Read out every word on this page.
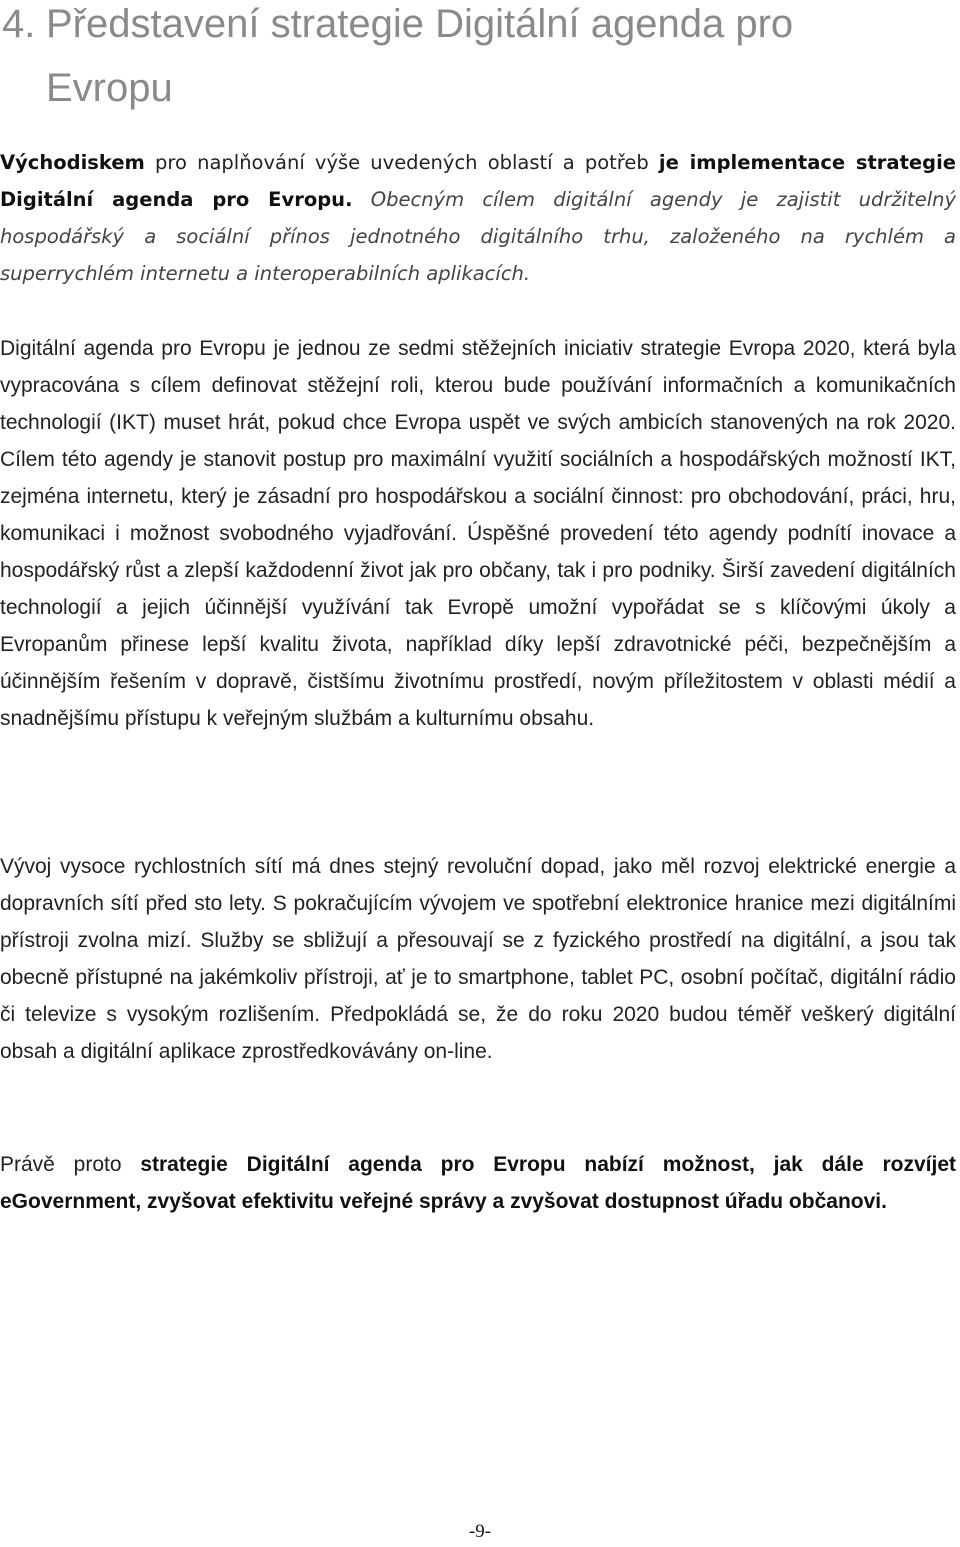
4. Představení strategie Digitální agenda pro
Evropu

Východiskem pro naplňování výše uvedených oblastí a potřeb je implementace strategie Digitální agenda pro Evropu. Obecným cílem digitální agendy je zajistit udržitelný hospodářský a sociální přínos jednotného digitálního trhu, založeného na rychlém a superrychlém internetu a interoperabilních aplikacích.

Digitální agenda pro Evropu je jednou ze sedmi stěžejních iniciativ strategie Evropa 2020, která byla vypracována s cílem definovat stěžejní roli, kterou bude používání informačních a komunikačních technologií (IKT) muset hrát, pokud chce Evropa uspět ve svých ambicích stanovených na rok 2020. Cílem této agendy je stanovit postup pro maximální využití sociálních a hospodářských možností IKT, zejména internetu, který je zásadní pro hospodářskou a sociální činnost: pro obchodování, práci, hru, komunikaci i možnost svobodného vyjadřování. Úspěšné provedení této agendy podnítí inovace a hospodářský růst a zlepší každodenní život jak pro občany, tak i pro podniky. Širší zavedení digitálních technologií a jejich účinnější využívání tak Evropě umožní vypořádat se s klíčovými úkoly a Evropanům přinese lepší kvalitu života, například díky lepší zdravotnické péči, bezpečnějším a účinnějším řešením v dopravě, čistšímu životnímu prostředí, novým příležitostem v oblasti médií a snadnějšímu přístupu k veřejným službám a kulturnímu obsahu.

Vývoj vysoce rychlostních sítí má dnes stejný revoluční dopad, jako měl rozvoj elektrické energie a dopravních sítí před sto lety. S pokračujícím vývojem ve spotřební elektronice hranice mezi digitálními přístroji zvolna mizí. Služby se sbližují a přesouvají se z fyzického prostředí na digitální, a jsou tak obecně přístupné na jakémkoliv přístroji, ať je to smartphone, tablet PC, osobní počítač, digitální rádio či televize s vysokým rozlišením. Předpokládá se, že do roku 2020 budou téměř veškerý digitální obsah a digitální aplikace zprostředkovávány on-line.

Právě proto strategie Digitální agenda pro Evropu nabízí možnost, jak dále rozvíjet eGovernment, zvyšovat efektivitu veřejné správy a zvyšovat dostupnost úřadu občanovi.

-9-
